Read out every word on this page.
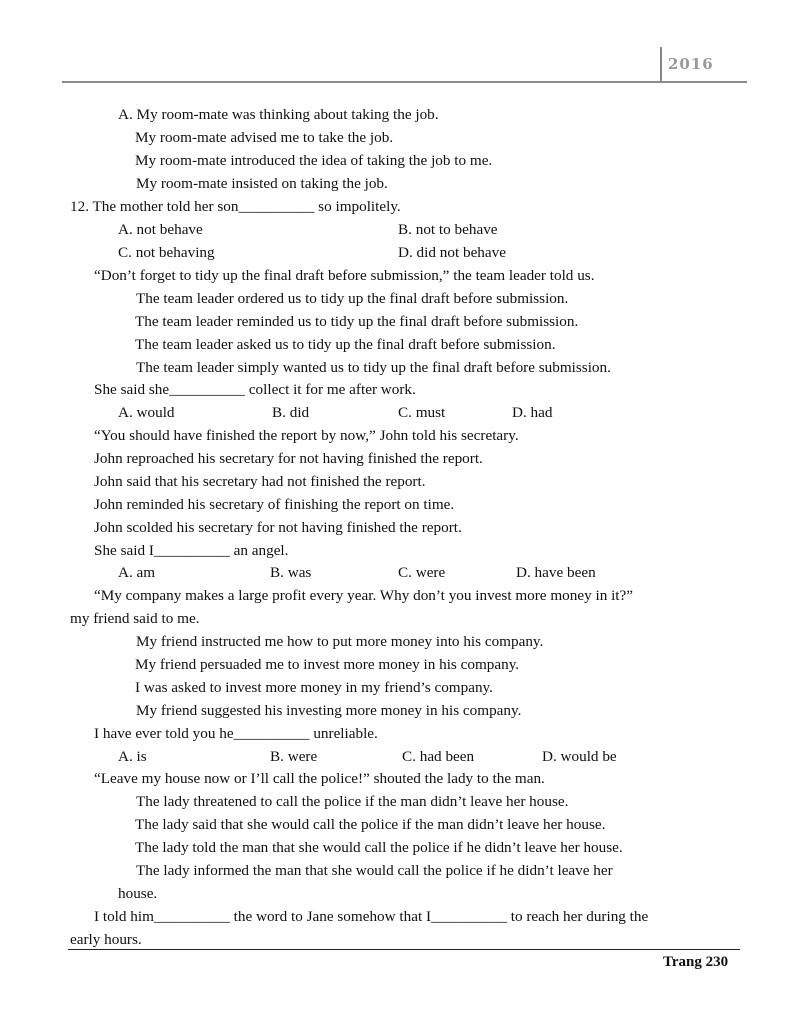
2016
A. My room-mate was thinking about taking the job.
My room-mate advised me to take the job.
My room-mate introduced the idea of taking the job to me.
My room-mate insisted on taking the job.
12. The mother told her son__________ so impolitely.
A. not behave	B. not to behave
C. not behaving	D. did not behave
“Don’t forget to tidy up the final draft before submission,” the team leader told us.
The team leader ordered us to tidy up the final draft before submission.
The team leader reminded us to tidy up the final draft before submission.
The team leader asked us to tidy up the final draft before submission.
The team leader simply wanted us to tidy up the final draft before submission.
She said she__________ collect it for me after work.
A. would	B. did	C. must	D. had
“You should have finished the report by now,” John told his secretary.
John reproached his secretary for not having finished the report.
John said that his secretary had not finished the report.
John reminded his secretary of finishing the report on time.
John scolded his secretary for not having finished the report.
She said I__________ an angel.
A. am	B. was	C. were	D. have been
“My company makes a large profit every year. Why don’t you invest more money in it?”
my friend said to me.
My friend instructed me how to put more money into his company.
My friend persuaded me to invest more money in his company.
I was asked to invest more money in my friend’s company.
My friend suggested his investing more money in his company.
I have ever told you he__________ unreliable.
A. is	B. were	C. had been	D. would be
“Leave my house now or I’ll call the police!” shouted the lady to the man.
The lady threatened to call the police if the man didn’t leave her house.
The lady said that she would call the police if the man didn’t leave her house.
The lady told the man that she would call the police if he didn’t leave her house.
The lady informed the man that she would call the police if he didn’t leave her
house.
I told him__________ the word to Jane somehow that I__________ to reach her during the
early hours.
Trang 230
